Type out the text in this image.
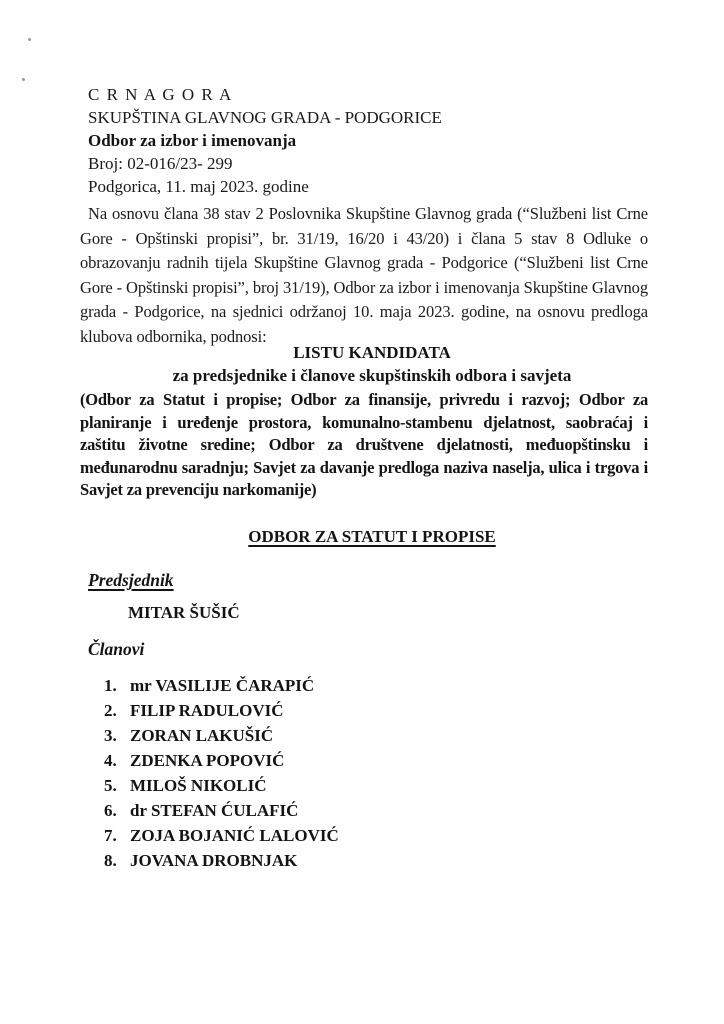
C R N A G O R A
SKUPŠTINA GLAVNOG GRADA - PODGORICE
Odbor za izbor i imenovanja
Broj: 02-016/23- 299
Podgorica, 11. maj 2023. godine

Na osnovu člana 38 stav 2 Poslovnika Skupštine Glavnog grada (“Službeni list Crne Gore - Opštinski propisi”, br. 31/19, 16/20 i 43/20) i člana 5 stav 8 Odluke o obrazovanju radnih tijela Skupštine Glavnog grada - Podgorice (“Službeni list Crne Gore - Opštinski propisi”, broj 31/19), Odbor za izbor i imenovanja Skupštine Glavnog grada - Podgorice, na sjednici održanoj 10. maja 2023. godine, na osnovu predloga klubova odbornika, podnosi:

LISTU KANDIDATA
za predsjednike i članove skupštinskih odbora i savjeta

(Odbor za Statut i propise; Odbor za finansije, privredu i razvoj; Odbor za planiranje i uređenje prostora, komunalno-stambenu djelatnost, saobraćaj i zaštitu životne sredine; Odbor za društvene djelatnosti, međuopštinsku i međunarodnu saradnju; Savjet za davanje predloga naziva naselja, ulica i trgova i Savjet za prevenciju narkomanije)

ODBOR ZA STATUT I PROPISE
Predsjednik
MITAR ŠUŠIĆ
Članovi
1. mr VASILIJE ČARAPIĆ
2. FILIP RADULOVIĆ
3. ZORAN LAKUŠIĆ
4. ZDENKA POPOVIĆ
5. MILOŠ NIKOLIĆ
6. dr STEFAN ĆULAFIĆ
7. ZOJA BOJANIĆ LALOVIĆ
8. JOVANA DROBNJAK
